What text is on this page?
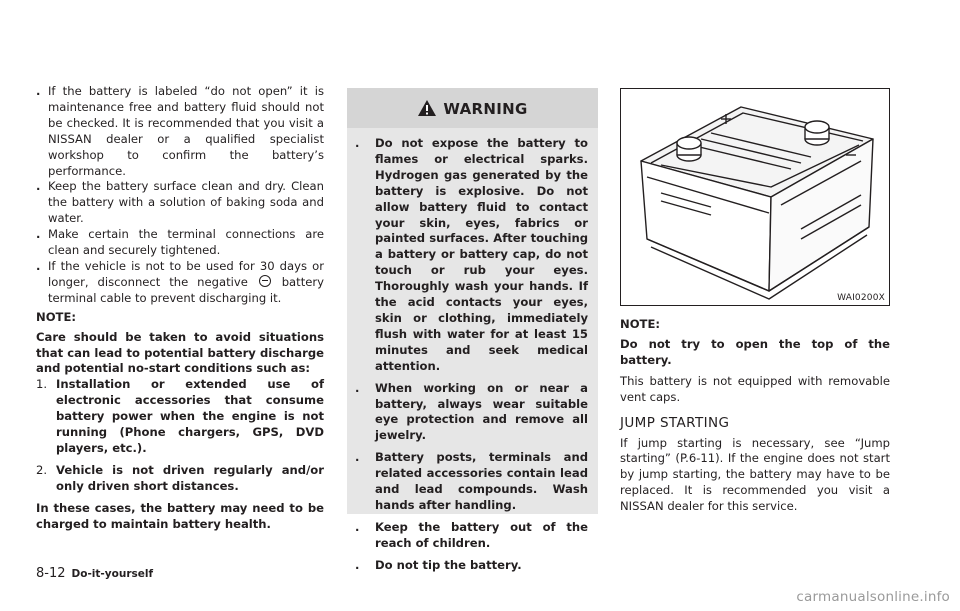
. If the battery is labeled “do not open” it is maintenance free and battery fluid should not be checked. It is recommended that you visit a NISSAN dealer or a qualified specialist workshop to confirm the battery’s performance.

. Keep the battery surface clean and dry. Clean the battery with a solution of baking soda and water.

. Make certain the terminal connections are clean and securely tightened.

. If the vehicle is not to be used for 30 days or longer, disconnect the negative	battery terminal cable to prevent discharging it.

NOTE:

Care should be taken to avoid situations that can lead to potential battery discharge and potential no-start conditions such as:

1. Installation or extended use of electronic accessories that consume battery power when the engine is not running (Phone chargers, GPS, DVD players, etc.).

2. Vehicle is not driven regularly and/or only driven short distances.

In these cases, the battery may need to be charged to maintain battery health.

WARNING

. Do not expose the battery to flames or electrical sparks. Hydrogen gas generated by the battery is explosive. Do not allow battery fluid to contact your skin, eyes, fabrics or painted surfaces. After touching a battery or battery cap, do not touch or rub your eyes. Thoroughly wash your hands. If the acid contacts your eyes, skin or clothing, immediately flush with water for at least 15 minutes and seek medical attention.

. When working on or near a battery, always wear suitable eye protection and remove all jewelry.

. Battery posts, terminals and related accessories contain lead and lead compounds. Wash hands after handling.

. Keep the battery out of the reach of children.

. Do not tip the battery.

WAI0200X

NOTE:

Do not try to open the top of the battery.

This battery is not equipped with removable vent caps.

JUMP STARTING

If jump starting is necessary, see “Jump starting” (P.6-11). If the engine does not start by jump starting, the battery may have to be replaced. It is recommended you visit a NISSAN dealer for this service.

8-12 Do-it-yourself
carmanualsonline.info
